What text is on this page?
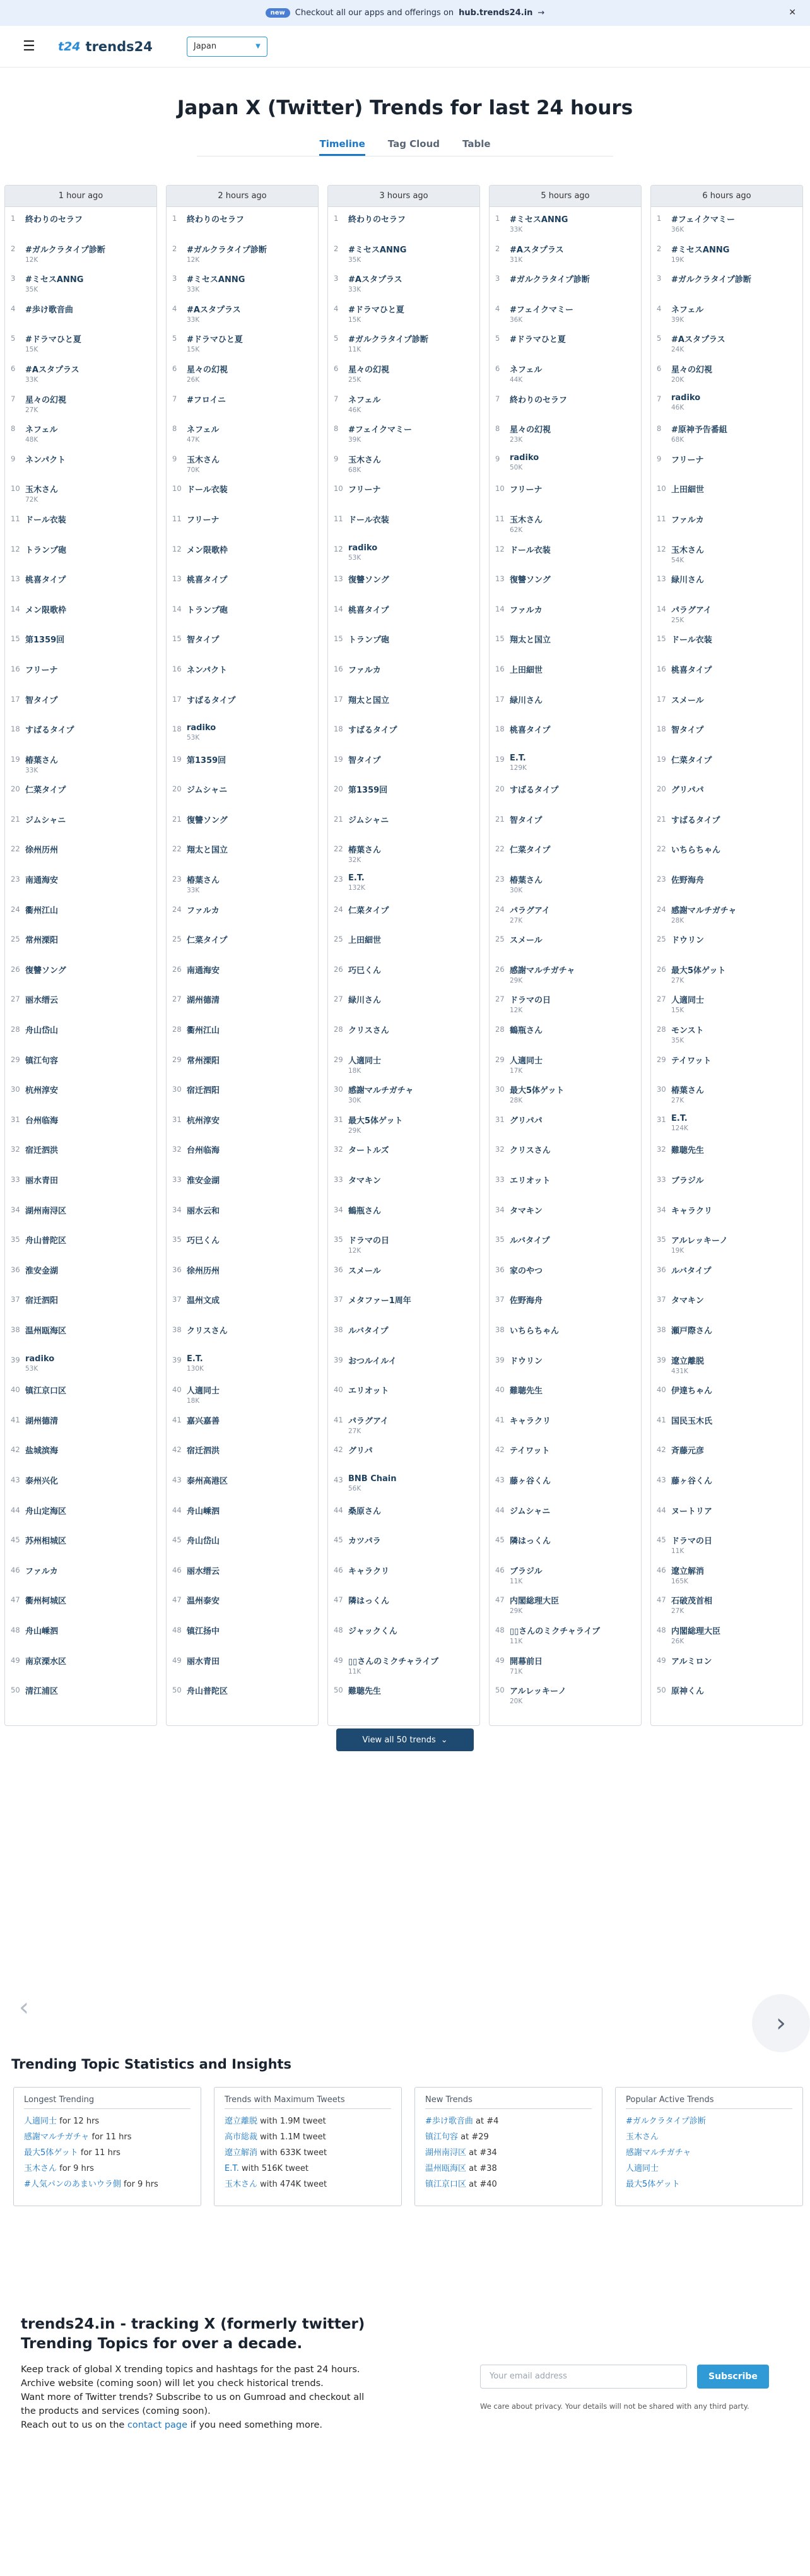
new	Checkout all our apps and offerings on hub.trends24.in →	✕
☰	t24 trends24	Japan	▼
Japan X (Twitter) Trends for last 24 hours
Timeline Tag Cloud Table
1 hour ago
1	終わりのセラフ
2	#ガルクラタイプ診断
12K
3	#ミセスANNG
35K
4	#歩け歌音曲
5	#ドラマひと夏
15K
6	#Aスタプラス
33K
7	星々の幻視
27K
8	ネフェル
48K
9	ネンパクト
10 玉木さん
72K
11 ドール衣装
12 トランプ砲
13 桃喜タイプ
14 メン限歌枠
15 第1359回
16 フリーナ
17 智タイプ
18 すばるタイプ
19 椿葉さん
33K
20 仁菜タイプ
21 ジムシャニ
22 徐州历州
23 南通海安
24 衢州江山
25 常州溧阳
26 復讐ソング
27 丽水缙云
28 舟山岱山
29 镇江句容
30 杭州淳安
31 台州临海
32 宿迁泗洪
33 丽水青田
34 湖州南浔区
35 舟山普陀区
36 淮安金湖
37 宿迁泗阳
38 温州瓯海区
39 radiko
53K
40 镇江京口区
41 湖州德清
42 盐城滨海
43 泰州兴化
44 舟山定海区
45 苏州相城区
46 ファルカ
47 衢州柯城区
48 舟山嵊泗
49 南京溧水区
50 清江浦区
2 hours ago
1	終わりのセラフ
2	#ガルクラタイプ診断
12K
3	#ミセスANNG
33K
4	#Aスタプラス
33K
5	#ドラマひと夏
15K
6	星々の幻視
26K
7	#フロイニ
8	ネフェル
47K
9	玉木さん
70K
10 ドール衣装
11 フリーナ
12 メン限歌枠
13 桃喜タイプ
14 トランプ砲
15 智タイプ
16 ネンパクト
17 すばるタイプ
18 radiko
53K
19 第1359回
20 ジムシャニ
21 復讐ソング
22 翔太と国立
23 椿葉さん
33K
24 ファルカ
25 仁菜タイプ
26 南通海安
27 湖州德清
28 衢州江山
29 常州溧阳
30 宿迁泗阳
31 杭州淳安
32 台州临海
33 淮安金湖
34 丽水云和
35 巧巳くん
36 徐州历州
37 温州文成
38 クリスさん
39 E.T.
130K
40 人適同士
18K
41 嘉兴嘉善
42 宿迁泗洪
43 泰州高港区
44 舟山嵊泗
45 舟山岱山
46 丽水缙云
47 温州泰安
48 镇江扬中
49 丽水青田
50 舟山普陀区
3 hours ago
1	終わりのセラフ
2	#ミセスANNG
35K
3	#Aスタプラス
33K
4	#ドラマひと夏
15K
5	#ガルクラタイプ診断
11K
6	星々の幻視
25K
7	ネフェル
46K
8	#フェイクマミー
39K
9	玉木さん
68K
10 フリーナ
11 ドール衣装
12 radiko
53K
13 復讐ソング
14 桃喜タイプ
15 トランプ砲
16 ファルカ
17 翔太と国立
18 すばるタイプ
19 智タイプ
20 第1359回
21 ジムシャニ
22 椿葉さん
32K
23 E.T.
132K
24 仁菜タイプ
25 上田細世
26 巧巳くん
27 緑川さん
28 クリスさん
29 人適同士
18K
30 感謝マルチガチャ
30K
31 最大5体ゲット
29K
32 タートルズ
33 タマキン
34 鶴瓶さん
35 ドラマの日
12K
36 スメール
37 メタファー1周年
38 ルバタイプ
39 おつルイルイ
40 エリオット
41 パラグアイ
27K
42 グリパ
43 BNB Chain
56K
44 桑原さん
45 カツパラ
46 キャラクリ
47 隣はっくん
48 ジャックくん
49 ▯▯さんのミクチャライブ
11K
50 難聴先生
5 hours ago
1	#ミセスANNG
33K
2	#Aスタプラス
31K
3	#ガルクラタイプ診断
4	#フェイクマミー
36K
5	#ドラマひと夏
6	ネフェル
44K
7	終わりのセラフ
8	星々の幻視
23K
9	radiko
50K
10 フリーナ
11 玉木さん
62K
12 ドール衣装
13 復讐ソング
14 ファルカ
15 翔太と国立
16 上田細世
17 緑川さん
18 桃喜タイプ
19 E.T.
129K
20 すばるタイプ
21 智タイプ
22 仁菜タイプ
23 椿葉さん
30K
24 パラグアイ
27K
25 スメール
26 感謝マルチガチャ
29K
27 ドラマの日
12K
28 鶴瓶さん
29 人適同士
17K
30 最大5体ゲット
28K
31 グリパパ
32 クリスさん
33 エリオット
34 タマキン
35 ルバタイプ
36 家のやつ
37 佐野海舟
38 いちらちゃん
39 ドウリン
40 難聴先生
41 キャラクリ
42 テイワット
43 藤ヶ谷くん
44 ジムシャニ
45 隣はっくん
46 ブラジル
11K
47 内閣総理大臣
29K
48 ▯▯さんのミクチャライブ
11K
49 開幕前日
71K
50 アルレッキーノ
20K
6 hours ago
1	#フェイクマミー
36K
2	#ミセスANNG
19K
3	#ガルクラタイプ診断
4	ネフェル
39K
5	#Aスタプラス
24K
6	星々の幻視
20K
7	radiko
46K
8	#原神予告番組
68K
9	フリーナ
10 上田細世
11 ファルカ
12 玉木さん
54K
13 緑川さん
14 パラグアイ
25K
15 ドール衣装
16 桃喜タイプ
17 スメール
18 智タイプ
19 仁菜タイプ
20 グリパパ
21 すばるタイプ
22 いちらちゃん
23 佐野海舟
24 感謝マルチガチャ
28K
25 ドウリン
26 最大5体ゲット
27K
27 人適同士
15K
28 モンスト
35K
29 テイワット
30 椿葉さん
27K
31 E.T.
124K
32 難聴先生
33 ブラジル
34 キャラクリ
35 アルレッキーノ
19K
36 ルバタイプ
37 タマキン
38 瀬戸際さん
39 遼立離脱
431K
40 伊達ちゃん
41 国民玉木氏
42 斉藤元彦
43 藤ヶ谷くん
44 ヌートリア
45 ドラマの日
11K
46 遼立解消
165K
47 石破茂首相
27K
48 内閣総理大臣
26K
49 アルミロン
50 原神くん
View all 50 trends ⌄
‹
›
Trending Topic Statistics and Insights
Longest Trending
人適同士 for 12 hrs
感謝マルチガチャ for 11 hrs
最大5体ゲット for 11 hrs
玉木さん for 9 hrs
#人気パンのあまいウラ側 for 9 hrs
Trends with Maximum Tweets
遼立離脱 with 1.9M tweet
高市総裁 with 1.1M tweet
遼立解消 with 633K tweet
E.T. with 516K tweet
玉木さん with 474K tweet
New Trends
#歩け歌音曲 at #4
镇江句容 at #29
湖州南浔区 at #34
温州瓯海区 at #38
镇江京口区 at #40
Popular Active Trends
#ガルクラタイプ診断
玉木さん
感謝マルチガチャ
人適同士
最大5体ゲット
trends24.in - tracking X (formerly twitter) Trending Topics for over a decade.

Keep track of global X trending topics and hashtags for the past 24 hours.
Archive website (coming soon) will let you check historical trends.
Want more of Twitter trends? Subscribe to us on Gumroad and checkout all the products and services (coming soon).
Reach out to us on the contact page if you need something more.

Your email address	Subscribe
We care about privacy. Your details will not be shared with any third party.
